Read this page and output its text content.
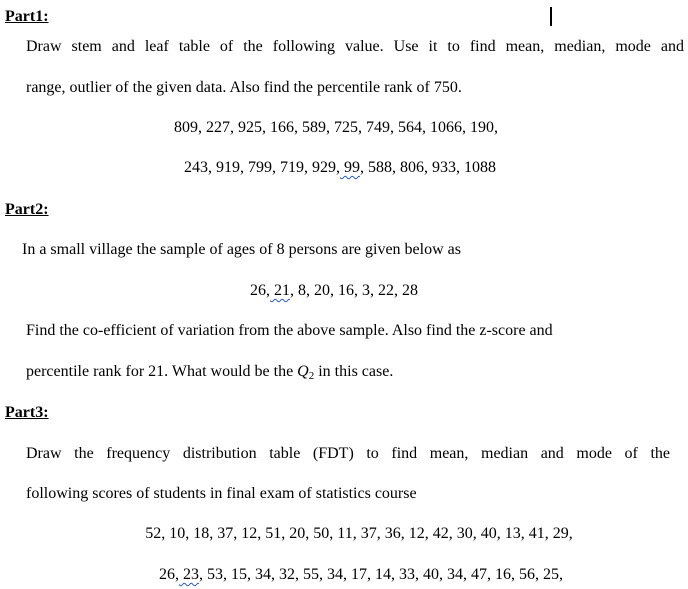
Part1:
Draw stem and leaf table of the following value. Use it to find mean, median, mode and
range, outlier of the given data. Also find the percentile rank of 750.
809, 227, 925, 166, 589, 725, 749, 564, 1066, 190,
243, 919, 799, 719, 929, 99, 588, 806, 933, 1088
Part2:
In a small village the sample of ages of 8 persons are given below as
26, 21, 8, 20, 16, 3, 22, 28
Find the co-efficient of variation from the above sample. Also find the z-score and
percentile rank for 21. What would be the $Q_2$ in this case.
Part3:
Draw the frequency distribution table (FDT) to find mean, median and mode of the
following scores of students in final exam of statistics course
52, 10, 18, 37, 12, 51, 20, 50, 11, 37, 36, 12, 42, 30, 40, 13, 41, 29,
26, 23, 53, 15, 34, 32, 55, 34, 17, 14, 33, 40, 34, 47, 16, 56, 25,
